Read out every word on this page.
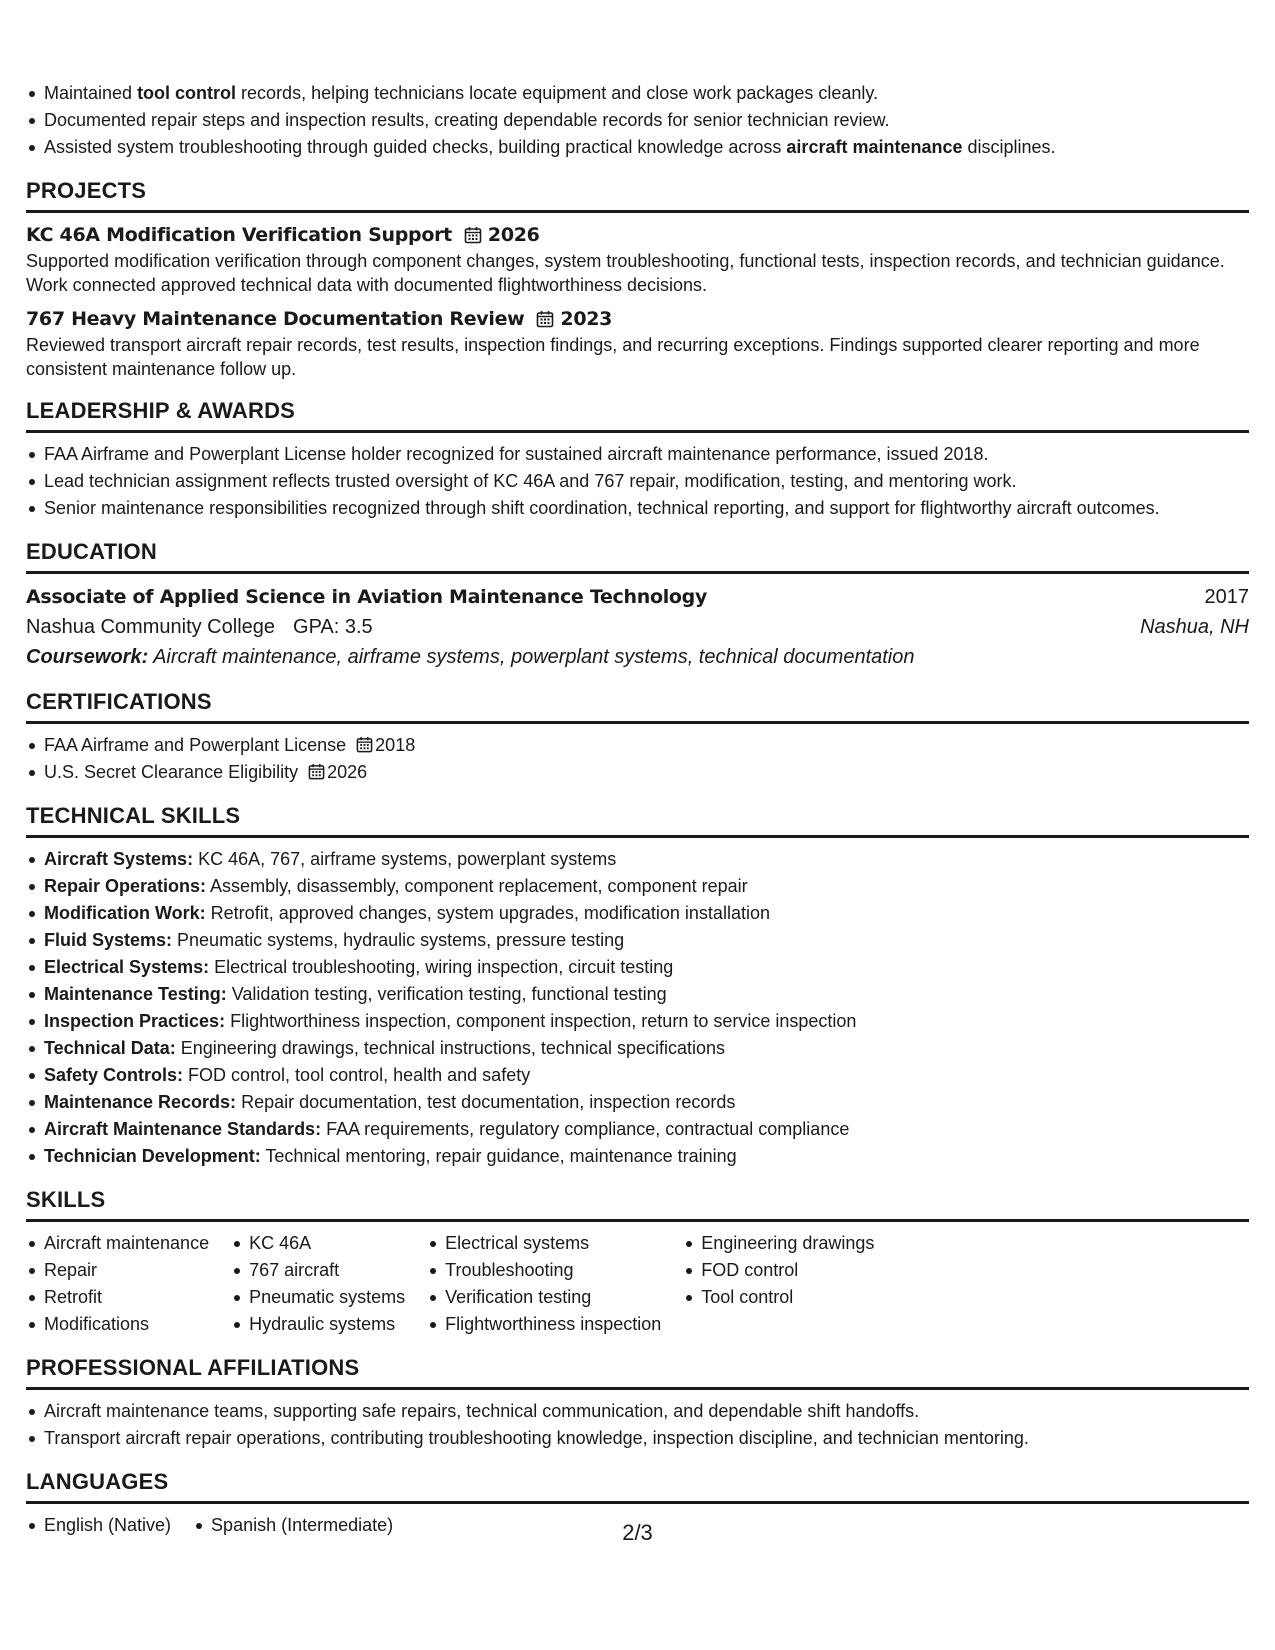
Maintained tool control records, helping technicians locate equipment and close work packages cleanly.
Documented repair steps and inspection results, creating dependable records for senior technician review.
Assisted system troubleshooting through guided checks, building practical knowledge across aircraft maintenance disciplines.
PROJECTS
KC 46A Modification Verification Support 2026
Supported modification verification through component changes, system troubleshooting, functional tests, inspection records, and technician guidance. Work connected approved technical data with documented flightworthiness decisions.
767 Heavy Maintenance Documentation Review 2023
Reviewed transport aircraft repair records, test results, inspection findings, and recurring exceptions. Findings supported clearer reporting and more consistent maintenance follow up.
LEADERSHIP & AWARDS
FAA Airframe and Powerplant License holder recognized for sustained aircraft maintenance performance, issued 2018.
Lead technician assignment reflects trusted oversight of KC 46A and 767 repair, modification, testing, and mentoring work.
Senior maintenance responsibilities recognized through shift coordination, technical reporting, and support for flightworthy aircraft outcomes.
EDUCATION
Associate of Applied Science in Aviation Maintenance Technology	2017
Nashua Community College GPA: 3.5	Nashua, NH
Coursework: Aircraft maintenance, airframe systems, powerplant systems, technical documentation
CERTIFICATIONS
FAA Airframe and Powerplant License 2018
U.S. Secret Clearance Eligibility 2026
TECHNICAL SKILLS
Aircraft Systems: KC 46A, 767, airframe systems, powerplant systems
Repair Operations: Assembly, disassembly, component replacement, component repair
Modification Work: Retrofit, approved changes, system upgrades, modification installation
Fluid Systems: Pneumatic systems, hydraulic systems, pressure testing
Electrical Systems: Electrical troubleshooting, wiring inspection, circuit testing
Maintenance Testing: Validation testing, verification testing, functional testing
Inspection Practices: Flightworthiness inspection, component inspection, return to service inspection
Technical Data: Engineering drawings, technical instructions, technical specifications
Safety Controls: FOD control, tool control, health and safety
Maintenance Records: Repair documentation, test documentation, inspection records
Aircraft Maintenance Standards: FAA requirements, regulatory compliance, contractual compliance
Technician Development: Technical mentoring, repair guidance, maintenance training
SKILLS
Aircraft maintenance
Repair
Retrofit
Modifications
KC 46A
767 aircraft
Pneumatic systems
Hydraulic systems
Electrical systems
Troubleshooting
Verification testing
Flightworthiness inspection
Engineering drawings
FOD control
Tool control
PROFESSIONAL AFFILIATIONS
Aircraft maintenance teams, supporting safe repairs, technical communication, and dependable shift handoffs.
Transport aircraft repair operations, contributing troubleshooting knowledge, inspection discipline, and technician mentoring.
LANGUAGES
English (Native)	Spanish (Intermediate)	2/3
